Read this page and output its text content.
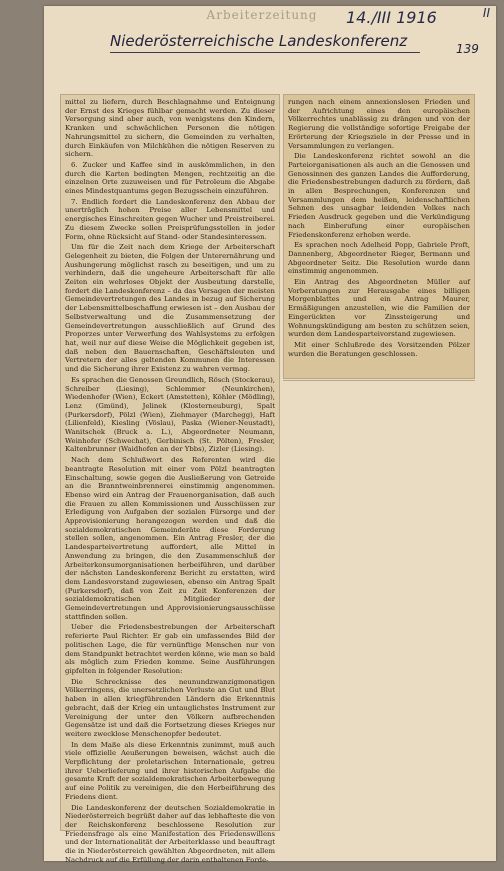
Arbeiterzeitung	14./III 1916	II
Niederösterreichische Landeskonferenz	139

mittel zu liefern, durch Beschlagnahme und Enteignung der Ernst des Krieges fühlbar gemacht werden. Zu dieser Versorgung sind aber auch, von wenigstens den Kindern, Kranken und schwächlichen Personen die nötigen Nahrungsmittel zu sichern, die Gemeinden zu verhalten, durch Einkäufen von Milchkühen die nötigen Reserven zu sichern.

6. Zucker und Kaffee sind in auskömmlichen, in den durch die Karten bedingten Mengen, rechtzeitig an die einzelnen Orte zuzuweisen und für Petroleum die Abgabe eines Mindestquantums gegen Bezugsschein einzuführen.

7. Endlich fordert die Landeskonferenz den Abbau der unerträglich hohen Preise aller Lebensmittel und energisches Einschreiten gegen Wucher und Preistreiberei. Zu diesem Zwecke sollen Preisprüfungsstellen in jeder Form, ohne Rücksicht auf Stand- oder Standesinteressen.

Um für die Zeit nach dem Kriege der Arbeiterschaft Gelegenheit zu bieten, die Folgen der Unterernährung und Aushungerung möglichst rasch zu beseitigen, und um zu verhindern, daß die ungeheure Arbeiterschaft für alle Zeiten ein wehrloses Objekt der Ausbeutung darstelle, fordert die Landeskonferenz – da das Versagen der meisten Gemeindevertretungen des Landes in bezug auf Sicherung der Lebensmittelbeschaffung erwiesen ist – den Ausbau der Selbstverwaltung und die Zusammensetzung der Gemeindevertretungen ausschließlich auf Grund des Proporzes unter Verwerfung des Wahlsystems zu erfolgen hat, weil nur auf diese Weise die Möglichkeit gegeben ist, daß neben den Bauernschaften, Geschäftsleuten und Vertretern der alles geltenden Kommunen die Interessen und die Sicherung ihrer Existenz zu wahren vermag.

Es sprachen die Genossen Greundlich, Rösch (Stockerau), Schreiber (Liesing), Schlemmer (Neunkirchen), Wiedenhofer (Wien), Eckert (Amstetten), Köhler (Mödling), Lenz (Gmünd), Jelinek (Klosterneuburg), Spalt (Purkersdorf), Pölzl (Wien), Ziehmayer (Marchegg), Haft (Lilienfeld), Kiesling (Vöslau), Paska (Wiener-Neustadt), Wanitschek (Bruck a. L.), Abgeordneter Neumann, Weinhofer (Schwechat), Gerbinisch (St. Pölten), Fresler, Kaltenbrunner (Waidhofen an der Ybbs), Zizler (Liesing).

Nach dem Schlußwort des Referenten wird die beantragte Resolution mit einer vom Pölzl beantragten Einschaltung, sowie gegen die Ausließerung von Getreide an die Branntweinbrennerei einstimmig angenommen. Ebenso wird ein Antrag der Frauenorganisation, daß auch die Frauen zu allen Kommissionen und Ausschüssen zur Erledigung von Aufgaben der sozialen Fürsorge und der Approvisionierung herangezogen werden und daß die sozialdemokratischen Gemeinderäte diese Forderung stellen sollen, angenommen. Ein Antrag Fresler, der die Landesparteivertretung auffordert, alle Mittel in Anwendung zu bringen, die den Zusammenschluß der Arbeiterkonsumorganisationen herbeiführen, und darüber der nächsten Landeskonferenz Bericht zu erstatten, wird dem Landesvorstand zugewiesen, ebenso ein Antrag Spalt (Purkersdorf), daß von Zeit zu Zeit Konferenzen der sozialdemokratischen Mitglieder der Gemeindevertretungen und Approvisionierungsausschüsse stattfinden sollen.

Ueber die Friedensbestrebungen der Arbeiterschaft referierte Paul Richter. Er gab ein umfassendes Bild der politischen Lage, die für vernünftige Menschen nur von dem Standpunkt betrachtet werden könne, wie man so bald als möglich zum Frieden komme. Seine Ausführungen gipfelten in folgender Resolution:

Die Schrecknisse des neunundzwanzigmonatigen Völkerringens, die unersetzlichen Verluste an Gut und Blut haben in allen kriegführenden Ländern die Erkenntnis gebracht, daß der Krieg ein untauglichstes Instrument zur Vereinigung der unter den Völkern aufbrechenden Gegensätze ist und daß die Fortsetzung dieses Krieges nur weitere zwecklose Menschenopfer bedeutet.

In dem Maße als diese Erkenntnis zunimmt, muß auch viele offizielle Aeußerungen beweisen, wächst auch die Verpflichtung der proletarischen Internationale, getreu ihrer Ueberlieferung und ihrer historischen Aufgabe die gesamte Kraft der sozialdemokratischen Arbeiterbewegung auf eine Politik zu vereinigen, die den Herbeiführung des Friedens dient.

Die Landeskonferenz der deutschen Sozialdemokratie in Niederösterreich begrüßt daher auf das lebhafteste die von der Reichskonferenz beschlossene Resolution zur Friedensfrage als eine Manifestation des Friedenswillens und der Internationalität der Arbeiterklasse und beauftragt die in Niederösterreich gewählten Abgeordneten, mit allem Nachdruck auf die Erfüllung der darin enthaltenen Forde-

rungen nach einem annexionslosen Frieden und der Aufrichtung eines den europäischen Völkerrechtes unablässig zu drängen und von der Regierung die vollständige sofortige Freigabe der Erörterung der Kriegsziele in der Presse und in Versammlungen zu verlangen.

Die Landeskonferenz richtet sowohl an die Parteiorganisationen als auch an die Genossen und Genossinnen des ganzen Landes die Aufforderung, die Friedensbestrebungen dadurch zu fördern, daß in allen Besprechungen, Konferenzen und Versammlungen dem heißen, leidenschaftlichen Sehnen des unsagbar leidenden Volkes nach Frieden Ausdruck gegeben und die Verkündigung nach Einberufung einer europäischen Friedenskonferenz erhoben werde.

Es sprachen noch Adelheid Popp, Gabriele Proft, Dannenberg, Abgeordneter Rieger, Bermann und Abgeordneter Seitz. Die Resolution wurde dann einstimmig angenommen.

Ein Antrag des Abgeordneten Müller auf Vorberatungen zur Herausgabe eines billigen Morgenblattes und ein Antrag Maurer, Ermäßigungen anzustellen, wie die Familien der Eingerückten vor Zinssteigerung und Wohnungskündigung am besten zu schützen seien, wurden dem Landesparteivorstand zugewiesen.

Mit einer Schlußrede des Vorsitzenden Pölzer wurden die Beratungen geschlossen.
